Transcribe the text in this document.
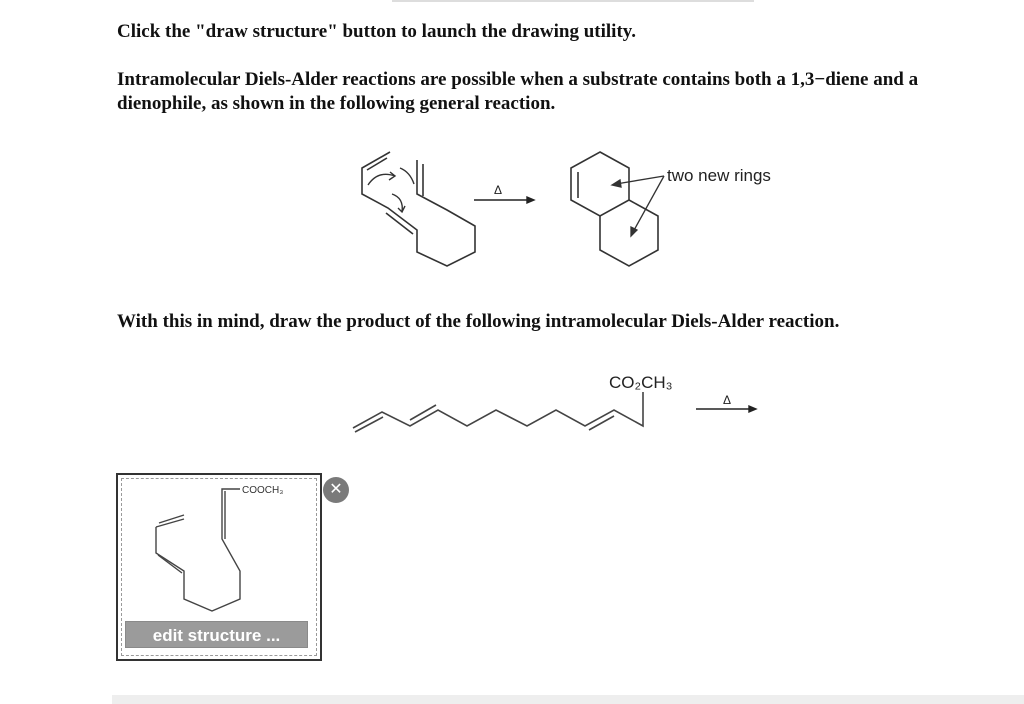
Click the "draw structure" button to launch the drawing utility.
Intramolecular Diels-Alder reactions are possible when a substrate contains both a 1,3−diene and a dienophile, as shown in the following general reaction.
Δ
two new rings
With this in mind, draw the product of the following intramolecular Diels-Alder reaction.
CO₂CH₃
Δ
COOCH₃
edit structure ...
✕
